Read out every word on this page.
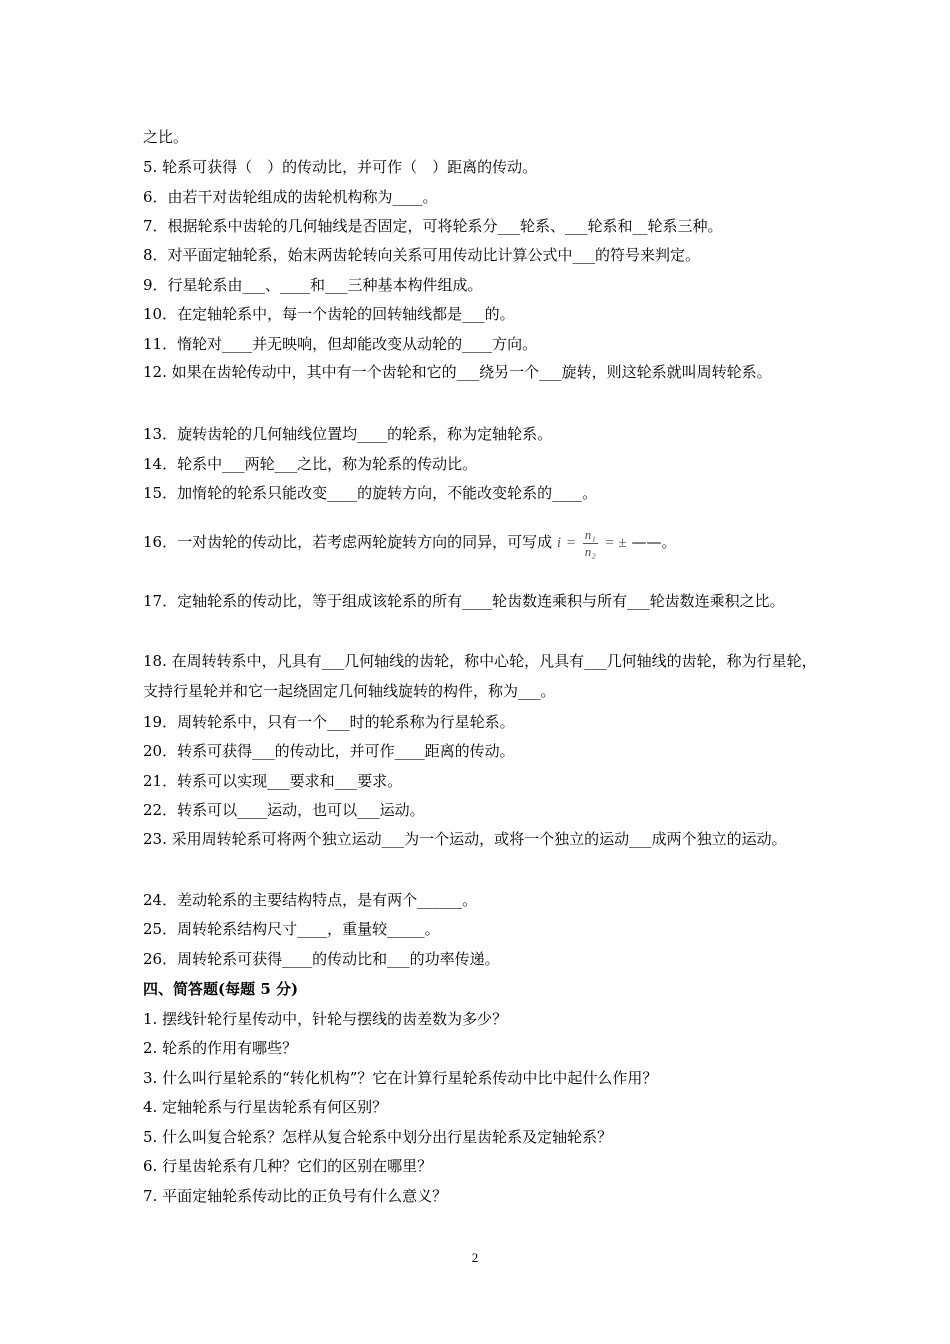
之比。
5. 轮系可获得（　）的传动比，并可作（　）距离的传动。
6．由若干对齿轮组成的齿轮机构称为____。
7．根据轮系中齿轮的几何轴线是否固定，可将轮系分___轮系、___轮系和__轮系三种。
8．对平面定轴轮系，始末两齿轮转向关系可用传动比计算公式中___的符号来判定。
9．行星轮系由___、____和___三种基本构件组成。
10．在定轴轮系中，每一个齿轮的回转轴线都是___的。
11．惰轮对____并无映响，但却能改变从动轮的____方向。
12. 如果在齿轮传动中，其中有一个齿轮和它的___绕另一个___旋转，则这轮系就叫周转轮系。
13．旋转齿轮的几何轴线位置均____的轮系，称为定轴轮系。
14．轮系中___两轮___之比，称为轮系的传动比。
15．加惰轮的轮系只能改变____的旋转方向，不能改变轮系的____。
16．一对齿轮的传动比，若考虑两轮旋转方向的同异，可写成 $i = \frac{\text{n₁}}{\text{n₂}}$ = ± ——。
17．定轴轮系的传动比，等于组成该轮系的所有____轮齿数连乘积与所有___轮齿数连乘积之比。
18. 在周转转系中，凡具有___几何轴线的齿轮，称中心轮，凡具有___几何轴线的齿轮，称为行星轮，支持行星轮并和它一起绕固定几何轴线旋转的构件，称为___。
19．周转轮系中，只有一个___时的轮系称为行星轮系。
20．转系可获得___的传动比，并可作____距离的传动。
21．转系可以实现___要求和___要求。
22．转系可以____运动，也可以___运动。
23. 采用周转轮系可将两个独立运动___为一个运动，或将一个独立的运动___成两个独立的运动。
24．差动轮系的主要结构特点，是有两个______。
25．周转轮系结构尺寸____，重量较_____。
26．周转轮系可获得____的传动比和___的功率传递。
四、简答题(每题 5 分)
1. 摆线针轮行星传动中，针轮与摆线的齿差数为多少？
2. 轮系的作用有哪些？
3. 什么叫行星轮系的“转化机构”？它在计算行星轮系传动中比中起什么作用？
4. 定轴轮系与行星齿轮系有何区别？
5. 什么叫复合轮系？怎样从复合轮系中划分出行星齿轮系及定轴轮系？
6. 行星齿轮系有几种？它们的区别在哪里？
7. 平面定轴轮系传动比的正负号有什么意义？
2
